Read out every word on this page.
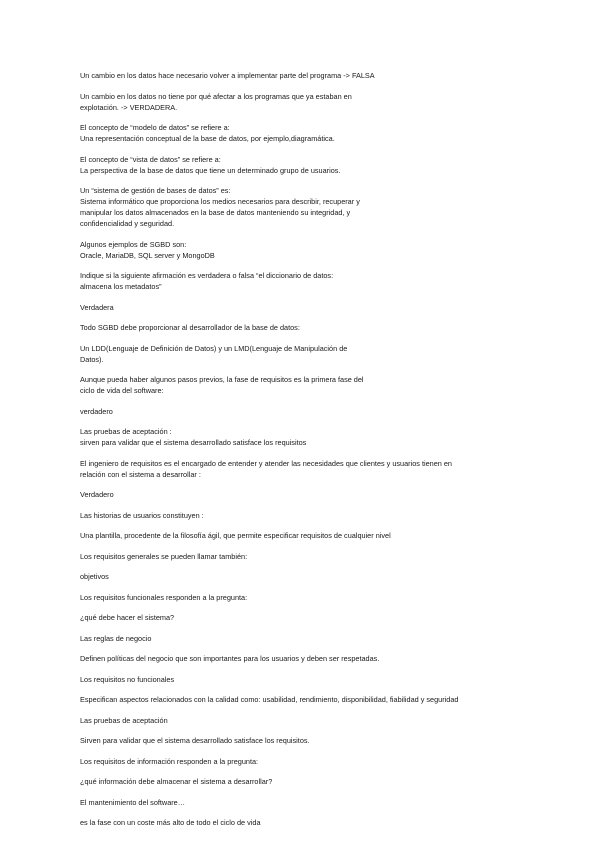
Un cambio en los datos hace necesario volver a implementar parte del programa -> FALSA

Un cambio en los datos no tiene por qué afectar a los programas que ya estaban en
explotación. -> VERDADERA.

El concepto de “modelo de datos” se refiere a:
Una representación conceptual de la base de datos, por ejemplo,diagramática.

El concepto de “vista de datos” se refiere a:
La perspectiva de la base de datos que tiene un determinado grupo de usuarios.

Un “sistema de gestión de bases de datos” es:
Sistema informático que proporciona los medios necesarios para describir, recuperar y
manipular los datos almacenados en la base de datos manteniendo su integridad, y
confidencialidad y seguridad.

Algunos ejemplos de SGBD son:
Oracle, MariaDB, SQL server y MongoDB

Indique si la siguiente afirmación es verdadera o falsa “el diccionario de datos:
almacena los metadatos”

Verdadera

Todo SGBD debe proporcionar al desarrollador de la base de datos:

Un LDD(Lenguaje de Definición de Datos) y un LMD(Lenguaje de Manipulación de
Datos).

Aunque pueda haber algunos pasos previos, la fase de requisitos es la primera fase del
ciclo de vida del software:

verdadero

Las pruebas de aceptación :
sirven para validar que el sistema desarrollado satisface los requisitos

El ingeniero de requisitos es el encargado de entender y atender las necesidades que clientes y usuarios tienen en
relación con el sistema a desarrollar :

Verdadero

Las historias de usuarios constituyen :

Una plantilla, procedente de la filosofía ágil, que permite especificar requisitos de cualquier nivel

Los requisitos generales se pueden llamar también:

objetivos

Los requisitos funcionales responden a la pregunta:

¿qué debe hacer el sistema?

Las reglas de negocio

Definen políticas del negocio que son importantes para los usuarios y deben ser respetadas.

Los requisitos no funcionales

Especifican aspectos relacionados con la calidad como: usabilidad, rendimiento, disponibilidad, fiabilidad y seguridad

Las pruebas de aceptación

Sirven para validar que el sistema desarrollado satisface los requisitos.

Los requisitos de información responden a la pregunta:

¿qué información debe almacenar el sistema a desarrollar?

El mantenimiento del software…

es la fase con un coste más alto de todo el ciclo de vida
